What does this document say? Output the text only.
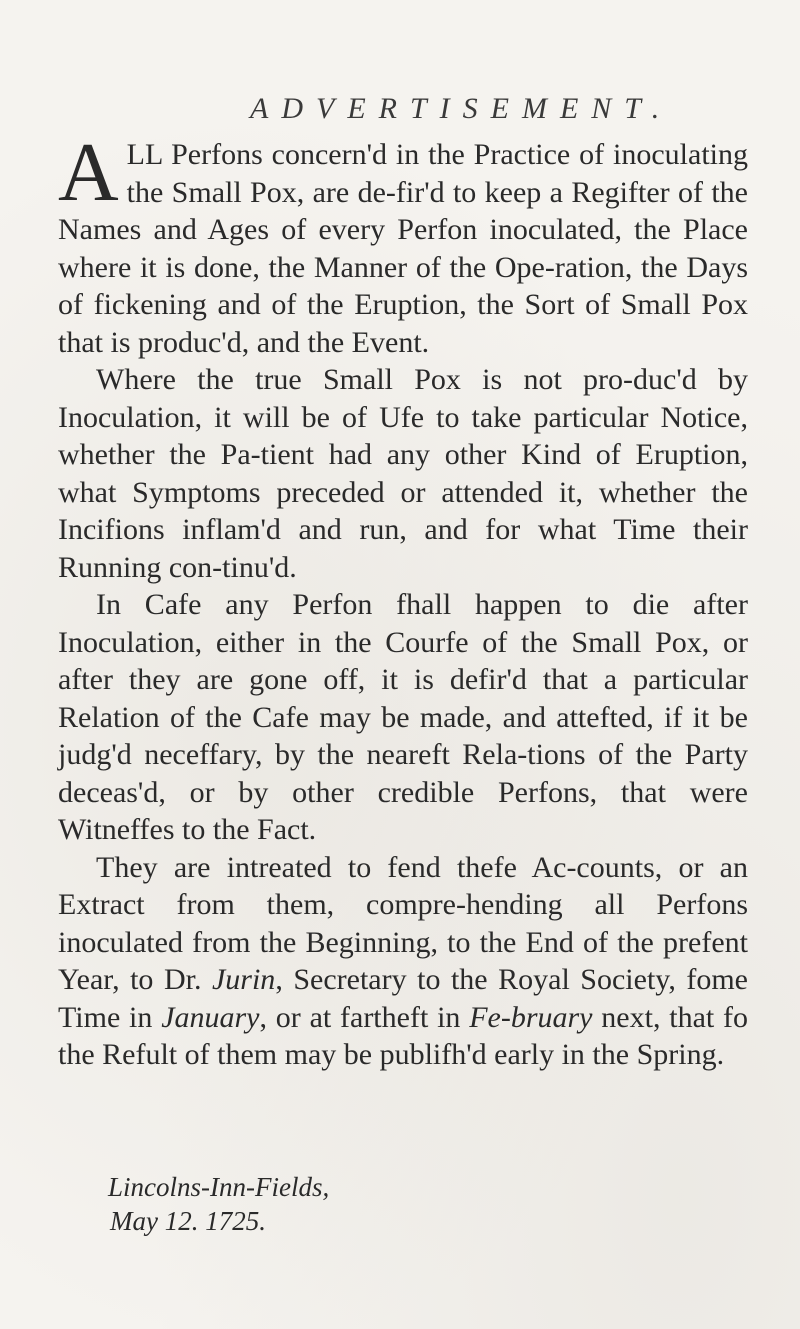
ADVERTISEMENT.

ALL Perfons concern'd in the Practice of inoculating the Small Pox, are de-fir'd to keep a Regifter of the Names and Ages of every Perfon inoculated, the Place where it is done, the Manner of the Ope-ration, the Days of fickening and of the Eruption, the Sort of Small Pox that is produc'd, and the Event.

Where the true Small Pox is not pro-duc'd by Inoculation, it will be of Ufe to take particular Notice, whether the Pa-tient had any other Kind of Eruption, what Symptoms preceded or attended it, whether the Incifions inflam'd and run, and for what Time their Running con-tinu'd.

In Cafe any Perfon fhall happen to die after Inoculation, either in the Courfe of the Small Pox, or after they are gone off, it is defir'd that a particular Relation of the Cafe may be made, and attefted, if it be judg'd neceffary, by the neareft Rela-tions of the Party deceas'd, or by other credible Perfons, that were Witneffes to the Fact.

They are intreated to fend thefe Ac-counts, or an Extract from them, compre-hending all Perfons inoculated from the Beginning, to the End of the prefent Year, to Dr. Jurin, Secretary to the Royal Society, fome Time in January, or at fartheft in Fe-bruary next, that fo the Refult of them may be publifh'd early in the Spring.

Lincolns-Inn-Fields,
May 12. 1725.
